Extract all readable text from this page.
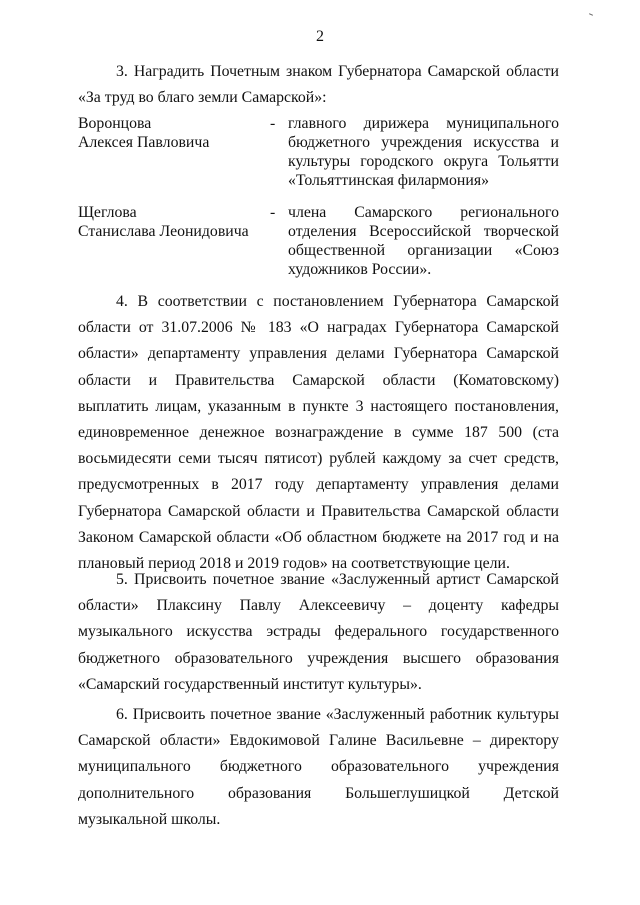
2

3. Наградить Почетным знаком Губернатора Самарской области «За труд во благо земли Самарской»:

Воронцова
Алексея Павловича
- главного дирижера муниципального бюджетного учреждения искусства и культуры городского округа Тольятти «Тольяттинская филармония»
Щеглова
Станислава Леонидовича
- члена Самарского регионального отделения Всероссийской творческой общественной организации «Союз художников России».

4. В соответствии с постановлением Губернатора Самарской области от 31.07.2006 № 183 «О наградах Губернатора Самарской области» департаменту управления делами Губернатора Самарской области и Правительства Самарской области (Коматовскому) выплатить лицам, указанным в пункте 3 настоящего постановления, единовременное денежное вознаграждение в сумме 187 500 (ста восьмидесяти семи тысяч пятисот) рублей каждому за счет средств, предусмотренных в 2017 году департаменту управления делами Губернатора Самарской области и Правительства Самарской области Законом Самарской области «Об областном бюджете на 2017 год и на плановый период 2018 и 2019 годов» на соответствующие цели.

5. Присвоить почетное звание «Заслуженный артист Самарской области» Плаксину Павлу Алексеевичу – доценту кафедры музыкального искусства эстрады федерального государственного бюджетного образовательного учреждения высшего образования «Самарский государственный институт культуры».

6. Присвоить почетное звание «Заслуженный работник культуры Самарской области» Евдокимовой Галине Васильевне – директору муниципального бюджетного образовательного учреждения дополнительного образования Большеглушицкой Детской музыкальной школы.
